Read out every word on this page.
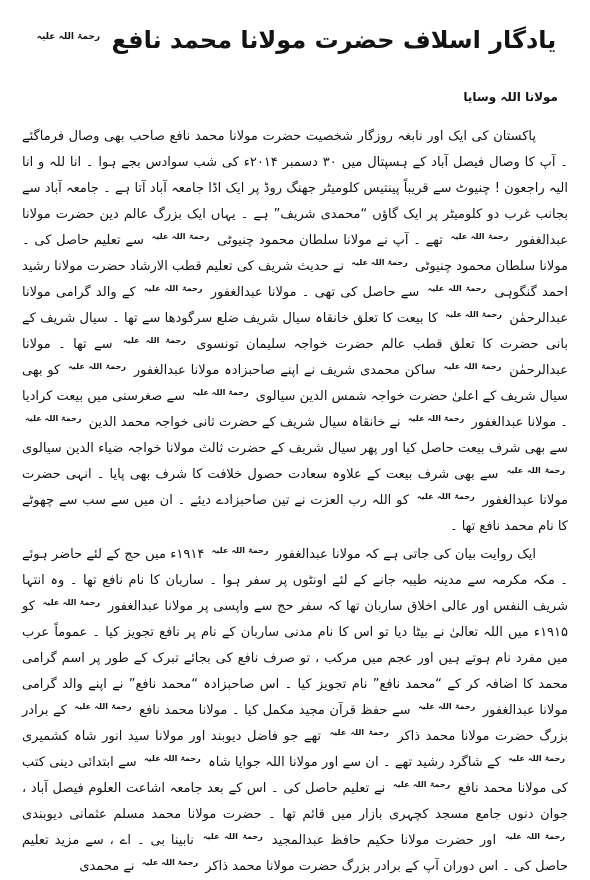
یادگار اسلاف حضرت مولانا محمد نافع $^{رحمۃ اللہ علیہ}$
مولانا اللہ وسایا

پاکستان کی ایک اور نابغہ روزگار شخصیت حضرت مولانا محمد نافع صاحب بھی وصال فرماگئے ۔ آپ کا وصال فیصل آباد کے ہسپتال میں ۳۰ دسمبر ۲۰۱۴ء کی شب سوادس بجے ہوا ۔ انا للہ و انا الیہ راجعون ! چنیوٹ سے قریباً پینتیس کلومیٹر جھنگ روڈ پر ایک اڈا جامعہ آباد آتا ہے ۔ جامعہ آباد سے بجانب غرب دو کلومیٹر پر ایک گاؤں “محمدی شریف” ہے ۔ یہاں ایک بزرگ عالم دین حضرت مولانا عبدالغفور $^{رحمۃ اللہ علیہ}$ تھے ۔ آپ نے مولانا سلطان محمود چنیوٹی $^{رحمۃ اللہ علیہ}$ سے تعلیم حاصل کی ۔ مولانا سلطان محمود چنیوٹی $^{رحمۃ اللہ علیہ}$ نے حدیث شریف کی تعلیم قطب الارشاد حضرت مولانا رشید احمد گنگوہی $^{رحمۃ اللہ علیہ}$ سے حاصل کی تھی ۔ مولانا عبدالغفور $^{رحمۃ اللہ علیہ}$ کے والد گرامی مولانا عبدالرحمٰن $^{رحمۃ اللہ علیہ}$ کا بیعت کا تعلق خانقاہ سیال شریف ضلع سرگودھا سے تھا ۔ سیال شریف کے بانی حضرت کا تعلق قطب عالم حضرت خواجہ سلیمان تونسوی $^{رحمۃ اللہ علیہ}$ سے تھا ۔ مولانا عبدالرحمٰن $^{رحمۃ اللہ علیہ}$ ساکن محمدی شریف نے اپنے صاحبزادہ مولانا عبدالغفور $^{رحمۃ اللہ علیہ}$ کو بھی سیال شریف کے اعلیٰ حضرت خواجہ شمس الدین سیالوی $^{رحمۃ اللہ علیہ}$ سے صغرسنی میں بیعت کرادیا ۔ مولانا عبدالغفور $^{رحمۃ اللہ علیہ}$ نے خانقاہ سیال شریف کے حضرت ثانی خواجہ محمد الدین $^{رحمۃ اللہ علیہ}$ سے بھی شرف بیعت حاصل کیا اور پھر سیال شریف کے حضرت ثالث مولانا خواجہ ضیاء الدین سیالوی $^{رحمۃ اللہ علیہ}$ سے بھی شرف بیعت کے علاوہ سعادت حصول خلافت کا شرف بھی پایا ۔ انہی حضرت مولانا عبدالغفور $^{رحمۃ اللہ علیہ}$ کو اللہ رب العزت نے تین صاحبزادے دیئے ۔ ان میں سے سب سے چھوٹے کا نام محمد نافع تھا ۔

ایک روایت بیان کی جاتی ہے کہ مولانا عبدالغفور $^{رحمۃ اللہ علیہ}$ ۱۹۱۴ء میں حج کے لئے حاضر ہوئے ۔ مکہ مکرمہ سے مدینہ طیبہ جانے کے لئے اونٹوں پر سفر ہوا ۔ ساربان کا نام نافع تھا ۔ وہ انتہا شریف النفس اور عالی اخلاق ساربان تھا کہ سفر حج سے واپسی پر مولانا عبدالغفور $^{رحمۃ اللہ علیہ}$ کو ۱۹۱۵ء میں اللہ تعالیٰ نے بیٹا دیا تو اس کا نام مدنی ساربان کے نام پر نافع تجویز کیا ۔ عموماً عرب میں مفرد نام ہوتے ہیں اور عجم میں مرکب ، تو صرف نافع کی بجائے تبرک کے طور پر اسم گرامی محمد کا اضافہ کر کے “محمد نافع” نام تجویز کیا ۔ اس صاحبزادہ “محمد نافع” نے اپنے والد گرامی مولانا عبدالغفور $^{رحمۃ اللہ علیہ}$ سے حفظ قرآن مجید مکمل کیا ۔ مولانا محمد نافع $^{رحمۃ اللہ علیہ}$ کے برادر بزرگ حضرت مولانا محمد ذاکر $^{رحمۃ اللہ علیہ}$ تھے جو فاضل دیوبند اور مولانا سید انور شاہ کشمیری $^{رحمۃ اللہ علیہ}$ کے شاگرد رشید تھے ۔ ان سے اور مولانا اللہ جوایا شاہ $^{رحمۃ اللہ علیہ}$ سے ابتدائی دینی کتب کی مولانا محمد نافع $^{رحمۃ اللہ علیہ}$ نے تعلیم حاصل کی ۔ اس کے بعد جامعہ اشاعت العلوم فیصل آباد ، جوان دنوں جامع مسجد کچہری بازار میں قائم تھا ۔ حضرت مولانا محمد مسلم عثمانی دیوبندی $^{رحمۃ اللہ علیہ}$ اور حضرت مولانا حکیم حافظ عبدالمجید $^{رحمۃ اللہ علیہ}$ نابینا بی ۔ اے ، سے مزید تعلیم حاصل کی ۔ اس دوران آپ کے برادر بزرگ حضرت مولانا محمد ذاکر $^{رحمۃ اللہ علیہ}$ نے محمدی
